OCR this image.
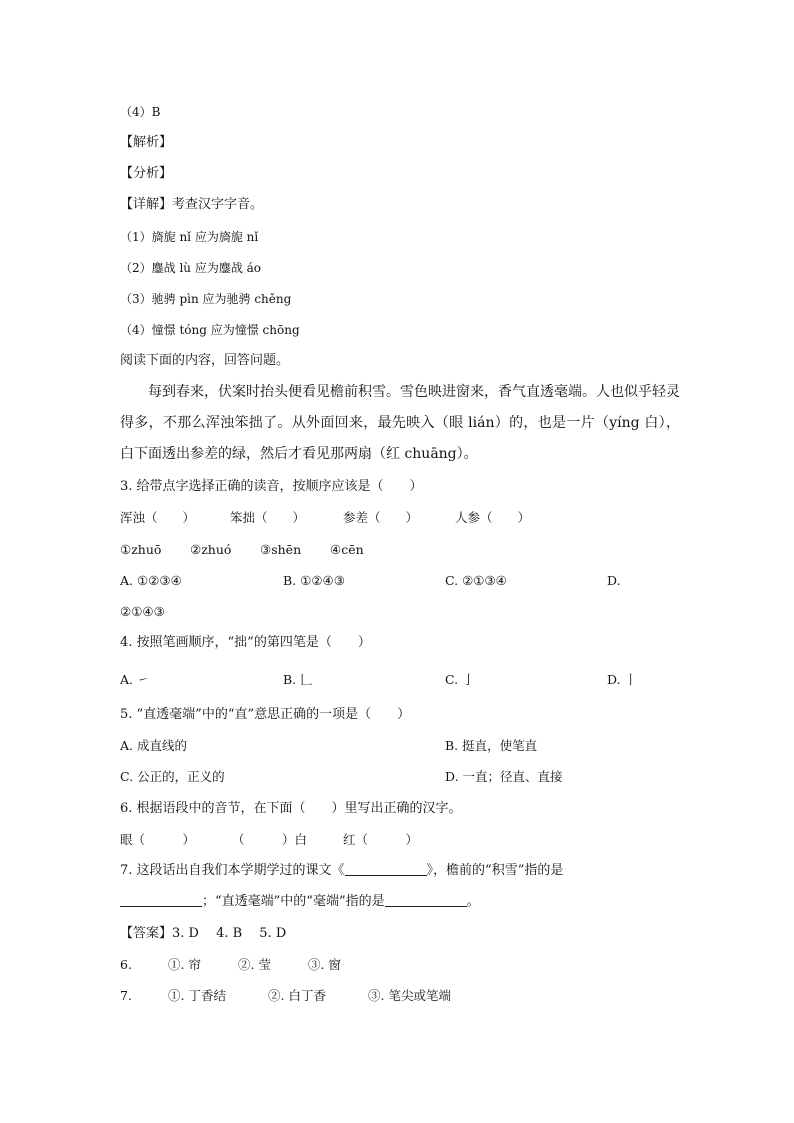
（4）B
【解析】
【分析】
【详解】考查汉字字音。
（1）旖旎 nǐ 应为旖旎 nǐ
（2）鏖战 lù 应为鏖战 áo
（3）驰骋 pìn 应为驰骋 chěng
（4）憧憬 tóng 应为憧憬 chōng
阅读下面的内容，回答问题。
每到春来，伏案时抬头便看见檐前积雪。雪色映进窗来，香气直透毫端。人也似乎轻灵得多，不那么浑浊笨拙了。从外面回来，最先映入（眼 lián）的，也是一片（yíng 白），白下面透出参差的绿，然后才看见那两扇（红 chuāng）。
3. 给带点字选择正确的读音，按顺序应该是（　　）
浑浊（　　）	笨拙（　　）	参差（　　）	人参（　　）
①zhuō ②zhuó ③shēn ④cēn
A. ①②③④	B. ①②④③	C. ②①③④	D.
②①④③
4. 按照笔画顺序，“拙”的第四笔是（　　）
A. ㇀	B. 𠃊	C. 亅	D. 丨
5. “直透毫端”中的“直”意思正确的一项是（　　）
A. 成直线的	B. 挺直，使笔直
C. 公正的，正义的	D. 一直；径直、直接
6. 根据语段中的音节，在下面（　　）里写出正确的汉字。
眼（　　　）	（　　　）白	红（　　　）
7. 这段话出自我们本学期学过的课文《	》，檐前的“积雪”指的是
；“直透毫端”中的“毫端”指的是	。
【答案】3. D　 4. B　 5. D
6.	①. 帘	②. 莹	③. 窗
7.	①. 丁香结	②. 白丁香	③. 笔尖或笔端
